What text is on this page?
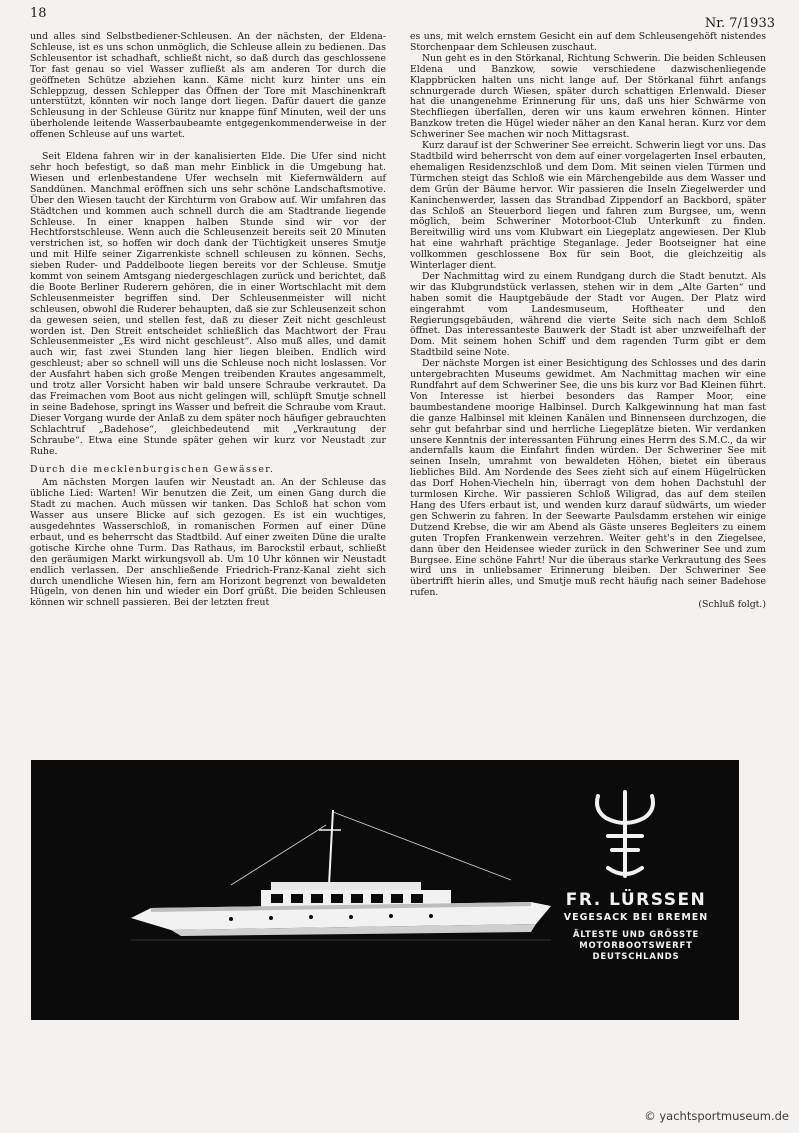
18
Nr. 7/1933

und alles sind Selbstbediener-Schleusen. An der nächsten, der Eldena-Schleuse, ist es uns schon unmöglich, die Schleuse allein zu bedienen. Das Schleusentor ist schadhaft, schließt nicht, so daß durch das geschlossene Tor fast genau so viel Wasser zufließt als am anderen Tor durch die geöffneten Schütze abziehen kann. Käme nicht kurz hinter uns ein Schleppzug, dessen Schlepper das Öffnen der Tore mit Maschinenkraft unterstützt, könnten wir noch lange dort liegen. Dafür dauert die ganze Schleusung in der Schleuse Güritz nur knappe fünf Minuten, weil der uns überholende leitende Wasserbaubeamte entgegenkommenderweise in der offenen Schleuse auf uns wartet.

Seit Eldena fahren wir in der kanalisierten Elde. Die Ufer sind nicht sehr hoch befestigt, so daß man mehr Einblick in die Umgebung hat. Wiesen und erlenbestandene Ufer wechseln mit Kiefernwäldern auf Sanddünen. Manchmal eröffnen sich uns sehr schöne Landschaftsmotive. Über den Wiesen taucht der Kirchturm von Grabow auf. Wir umfahren das Städtchen und kommen auch schnell durch die am Stadtrande liegende Schleuse. In einer knappen halben Stunde sind wir vor der Hechtforstschleuse. Wenn auch die Schleusenzeit bereits seit 20 Minuten verstrichen ist, so hoffen wir doch dank der Tüchtigkeit unseres Smutje und mit Hilfe seiner Zigarrenkiste schnell schleusen zu können. Sechs, sieben Ruder- und Paddelboote liegen bereits vor der Schleuse. Smutje kommt von seinem Amtsgang niedergeschlagen zurück und berichtet, daß die Boote Berliner Ruderern gehören, die in einer Wortschlacht mit dem Schleusenmeister begriffen sind. Der Schleusenmeister will nicht schleusen, obwohl die Ruderer behaupten, daß sie zur Schleusenzeit schon da gewesen seien, und stellen fest, daß zu dieser Zeit nicht geschleust worden ist. Den Streit entscheidet schließlich das Machtwort der Frau Schleusenmeister „Es wird nicht geschleust“. Also muß alles, und damit auch wir, fast zwei Stunden lang hier liegen bleiben. Endlich wird geschleust; aber so schnell will uns die Schleuse noch nicht loslassen. Vor der Ausfahrt haben sich große Mengen treibenden Krautes angesammelt, und trotz aller Vorsicht haben wir bald unsere Schraube verkrautet. Da das Freimachen vom Boot aus nicht gelingen will, schlüpft Smutje schnell in seine Badehose, springt ins Wasser und befreit die Schraube vom Kraut. Dieser Vorgang wurde der Anlaß zu dem später noch häufiger gebrauchten Schlachtruf „Badehose“, gleichbedeutend mit „Verkrautung der Schraube“. Etwa eine Stunde später gehen wir kurz vor Neustadt zur Ruhe.

Durch die mecklenburgischen Gewässer.

Am nächsten Morgen laufen wir Neustadt an. An der Schleuse das übliche Lied: Warten! Wir benutzen die Zeit, um einen Gang durch die Stadt zu machen. Auch müssen wir tanken. Das Schloß hat schon vom Wasser aus unsere Blicke auf sich gezogen. Es ist ein wuchtiges, ausgedehntes Wasserschloß, in romanischen Formen auf einer Düne erbaut, und es beherrscht das Stadtbild. Auf einer zweiten Düne die uralte gotische Kirche ohne Turm. Das Rathaus, im Barockstil erbaut, schließt den geräumigen Markt wirkungsvoll ab. Um 10 Uhr können wir Neustadt endlich verlassen. Der anschließende Friedrich-Franz-Kanal zieht sich durch unendliche Wiesen hin, fern am Horizont begrenzt von bewaldeten Hügeln, von denen hin und wieder ein Dorf grüßt. Die beiden Schleusen können wir schnell passieren. Bei der letzten freut

es uns, mit welch ernstem Gesicht ein auf dem Schleusengehöft nistendes Storchenpaar dem Schleusen zuschaut.

Nun geht es in den Störkanal, Richtung Schwerin. Die beiden Schleusen Eldena und Banzkow, sowie verschiedene dazwischenliegende Klappbrücken halten uns nicht lange auf. Der Störkanal führt anfangs schnurgerade durch Wiesen, später durch schattigen Erlenwald. Dieser hat die unangenehme Erinnerung für uns, daß uns hier Schwärme von Stechfliegen überfallen, deren wir uns kaum erwehren können. Hinter Banzkow treten die Hügel wieder näher an den Kanal heran. Kurz vor dem Schweriner See machen wir noch Mittagsrast.

Kurz darauf ist der Schweriner See erreicht. Schwerin liegt vor uns. Das Stadtbild wird beherrscht von dem auf einer vorgelagerten Insel erbauten, ehemaligen Residenzschloß und dem Dom. Mit seinen vielen Türmen und Türmchen steigt das Schloß wie ein Märchengebilde aus dem Wasser und dem Grün der Bäume hervor. Wir passieren die Inseln Ziegelwerder und Kaninchenwerder, lassen das Strandbad Zippendorf an Backbord, später das Schloß an Steuerbord liegen und fahren zum Burgsee, um, wenn möglich, beim Schweriner Motorboot-Club Unterkunft zu finden. Bereitwillig wird uns vom Klubwart ein Liegeplatz angewiesen. Der Klub hat eine wahrhaft prächtige Steganlage. Jeder Bootseigner hat eine vollkommen geschlossene Box für sein Boot, die gleichzeitig als Winterlager dient.

Der Nachmittag wird zu einem Rundgang durch die Stadt benutzt. Als wir das Klubgrundstück verlassen, stehen wir in dem „Alte Garten“ und haben somit die Hauptgebäude der Stadt vor Augen. Der Platz wird eingerahmt vom Landesmuseum, Hoftheater und den Regierungsgebäuden, während die vierte Seite sich nach dem Schloß öffnet. Das interessanteste Bauwerk der Stadt ist aber unzweifelhaft der Dom. Mit seinem hohen Schiff und dem ragenden Turm gibt er dem Stadtbild seine Note.

Der nächste Morgen ist einer Besichtigung des Schlosses und des darin untergebrachten Museums gewidmet. Am Nachmittag machen wir eine Rundfahrt auf dem Schweriner See, die uns bis kurz vor Bad Kleinen führt. Von Interesse ist hierbei besonders das Ramper Moor, eine baumbestandene moorige Halbinsel. Durch Kalkgewinnung hat man fast die ganze Halbinsel mit kleinen Kanälen und Binnenseen durchzogen, die sehr gut befahrbar sind und herrliche Liegeplätze bieten. Wir verdanken unsere Kenntnis der interessanten Führung eines Herrn des S.M.C., da wir andernfalls kaum die Einfahrt finden würden. Der Schweriner See mit seinen Inseln, umrahmt von bewaldeten Höhen, bietet ein überaus liebliches Bild. Am Nordende des Sees zieht sich auf einem Hügelrücken das Dorf Hohen-Viecheln hin, überragt von dem hohen Dachstuhl der turmlosen Kirche. Wir passieren Schloß Wiligrad, das auf dem steilen Hang des Ufers erbaut ist, und wenden kurz darauf südwärts, um wieder gen Schwerin zu fahren. In der Seewarte Paulsdamm erstehen wir einige Dutzend Krebse, die wir am Abend als Gäste unseres Begleiters zu einem guten Tropfen Frankenwein verzehren. Weiter geht's in den Ziegelsee, dann über den Heidensee wieder zurück in den Schweriner See und zum Burgsee. Eine schöne Fahrt! Nur die überaus starke Verkrautung des Sees wird uns in unliebsamer Erinnerung bleiben. Der Schweriner See übertrifft hierin alles, und Smutje muß recht häufig nach seiner Badehose rufen.

(Schluß folgt.)
FR. LÜRSSEN
VEGESACK BEI BREMEN
ÄLTESTE UND GRÖSSTE
MOTORBOOTSWERFT
DEUTSCHLANDS
© yachtsportmuseum.de
